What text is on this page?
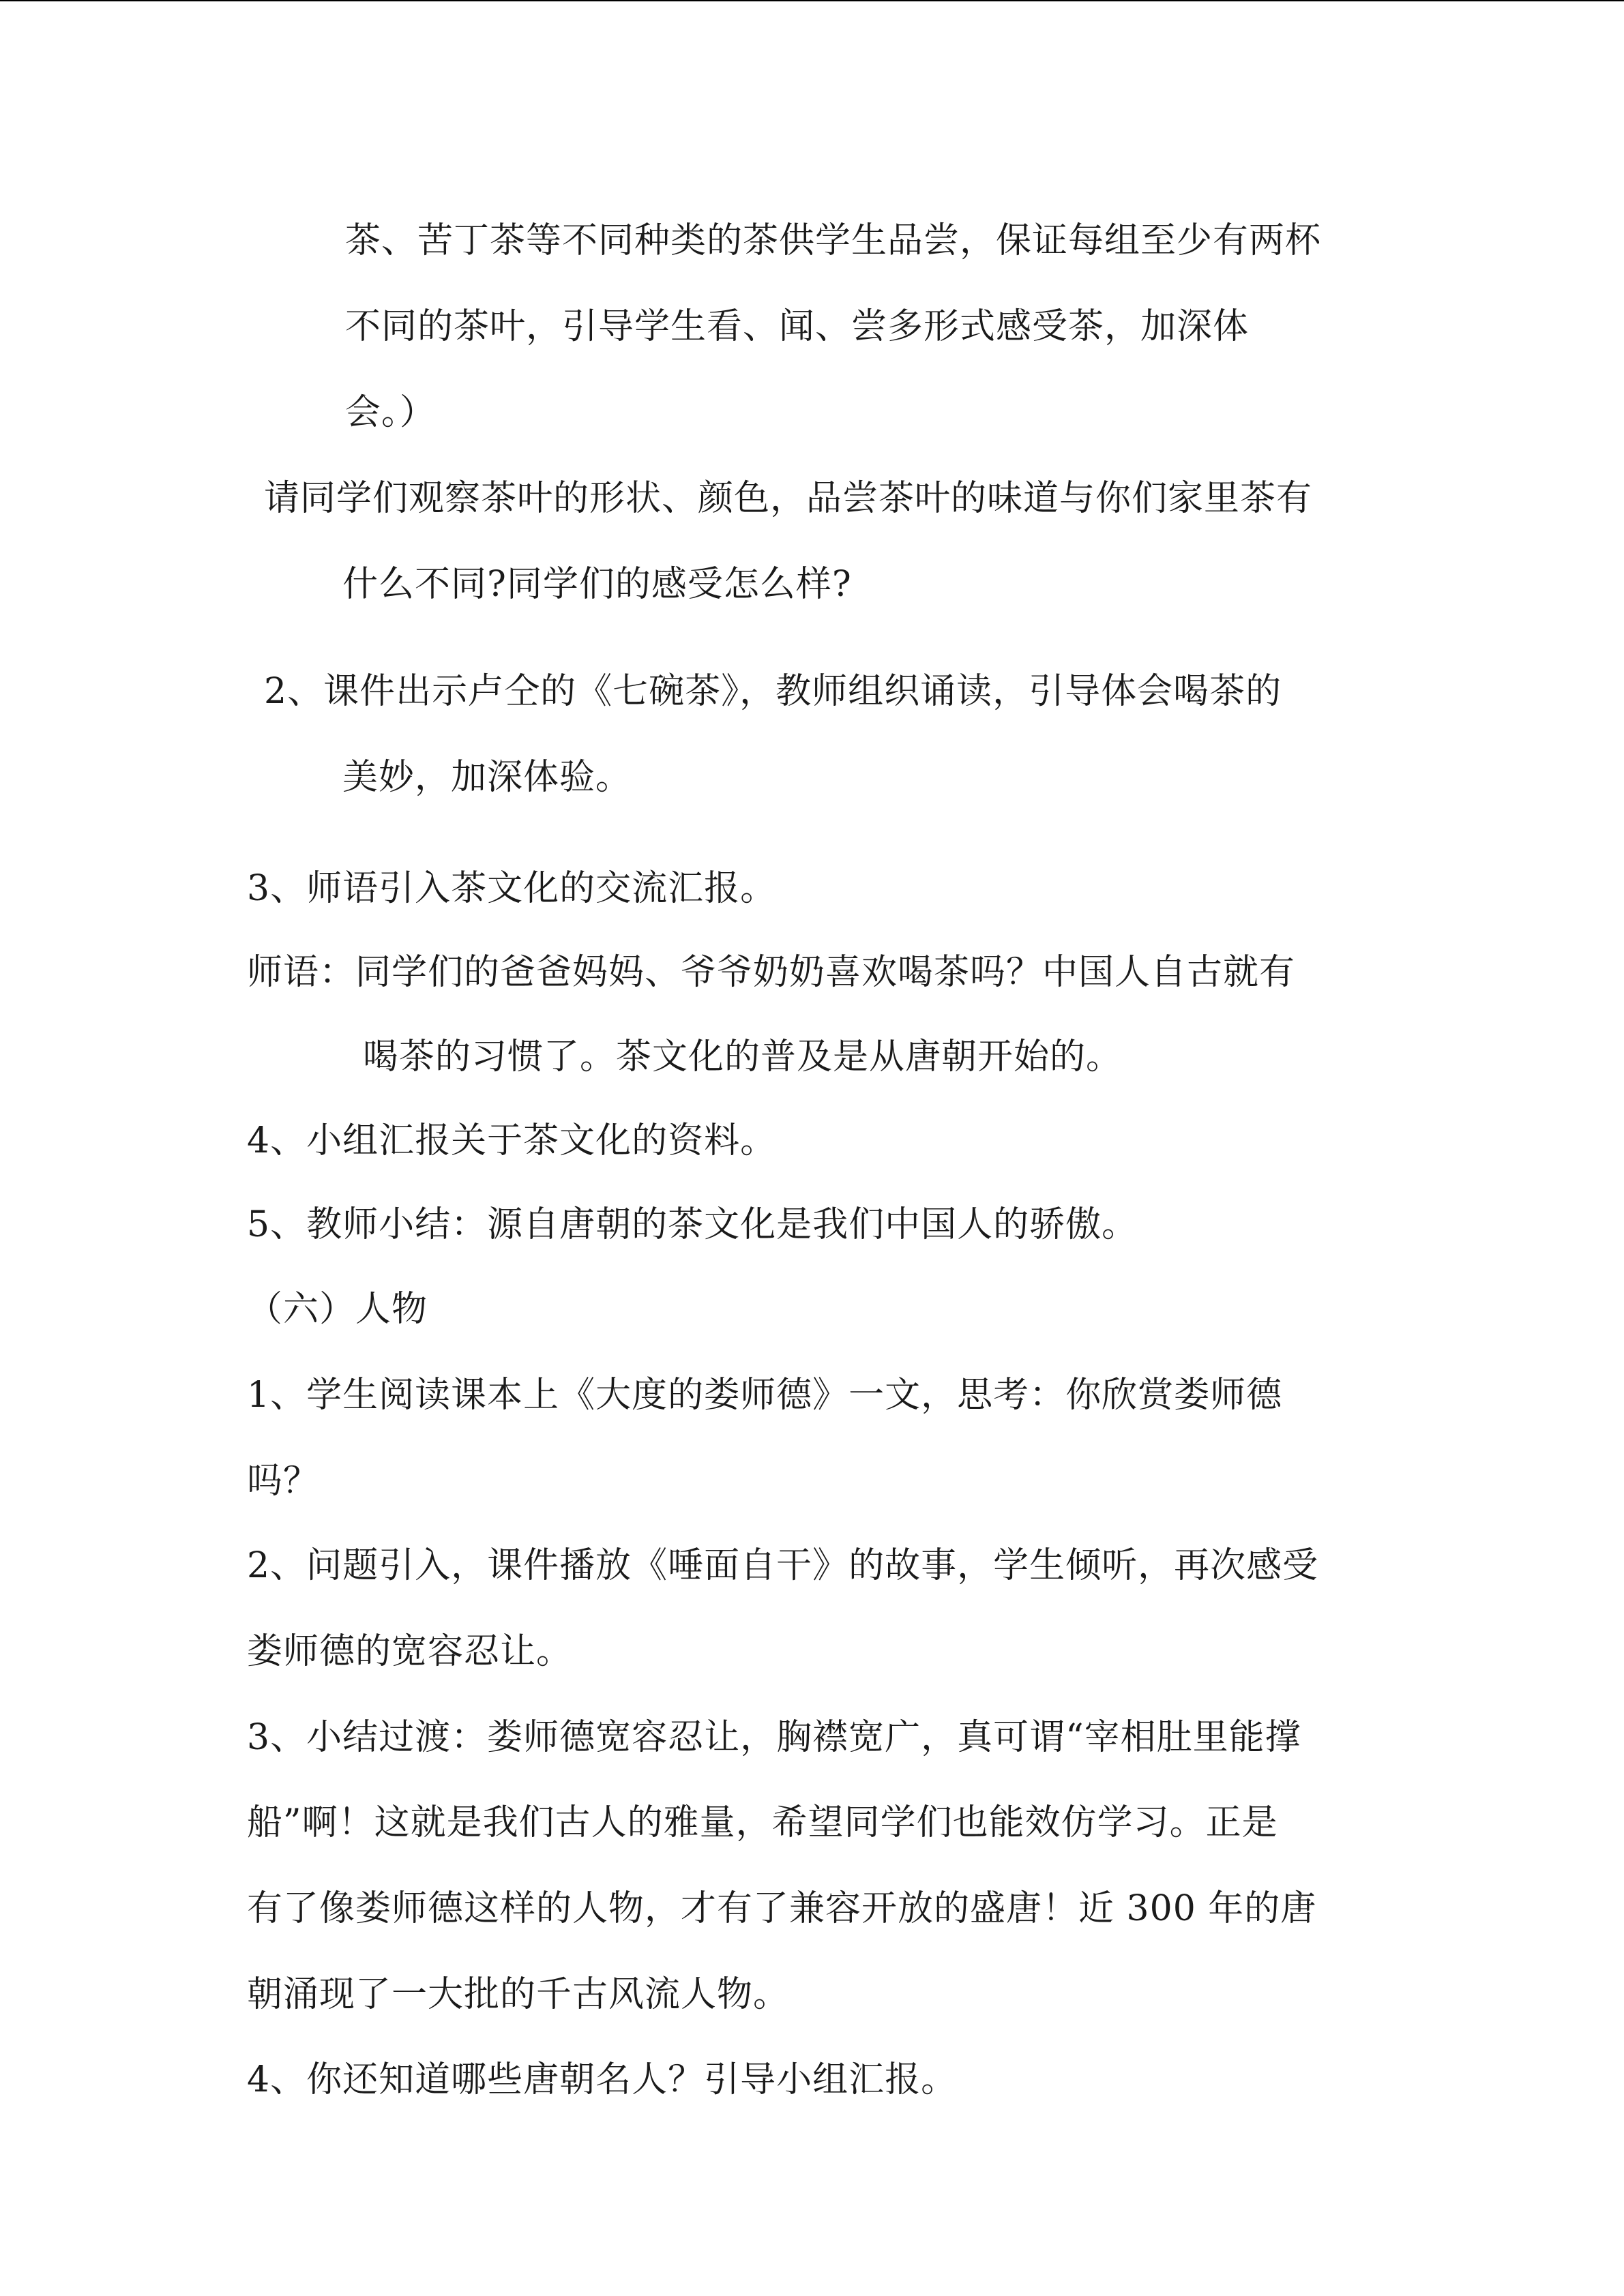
茶、苦丁茶等不同种类的茶供学生品尝，保证每组至少有两杯
不同的茶叶，引导学生看、闻、尝多形式感受茶，加深体
会。）
请同学们观察茶叶的形状、颜色，品尝茶叶的味道与你们家里茶有
什么不同?同学们的感受怎么样?
2、课件出示卢仝的《七碗茶》，教师组织诵读，引导体会喝茶的
美妙，加深体验。
3、师语引入茶文化的交流汇报。
师语：同学们的爸爸妈妈、爷爷奶奶喜欢喝茶吗？中国人自古就有
喝茶的习惯了。茶文化的普及是从唐朝开始的。
4、小组汇报关于茶文化的资料。
5、教师小结：源自唐朝的茶文化是我们中国人的骄傲。
（六）人物
1、学生阅读课本上《大度的娄师德》一文，思考：你欣赏娄师德
吗？
2、问题引入，课件播放《唾面自干》的故事，学生倾听，再次感受
娄师德的宽容忍让。
3、小结过渡：娄师德宽容忍让，胸襟宽广，真可谓“宰相肚里能撑
船”啊！这就是我们古人的雅量，希望同学们也能效仿学习。正是
有了像娄师德这样的人物，才有了兼容开放的盛唐！近 300 年的唐
朝涌现了一大批的千古风流人物。
4、你还知道哪些唐朝名人？引导小组汇报。
